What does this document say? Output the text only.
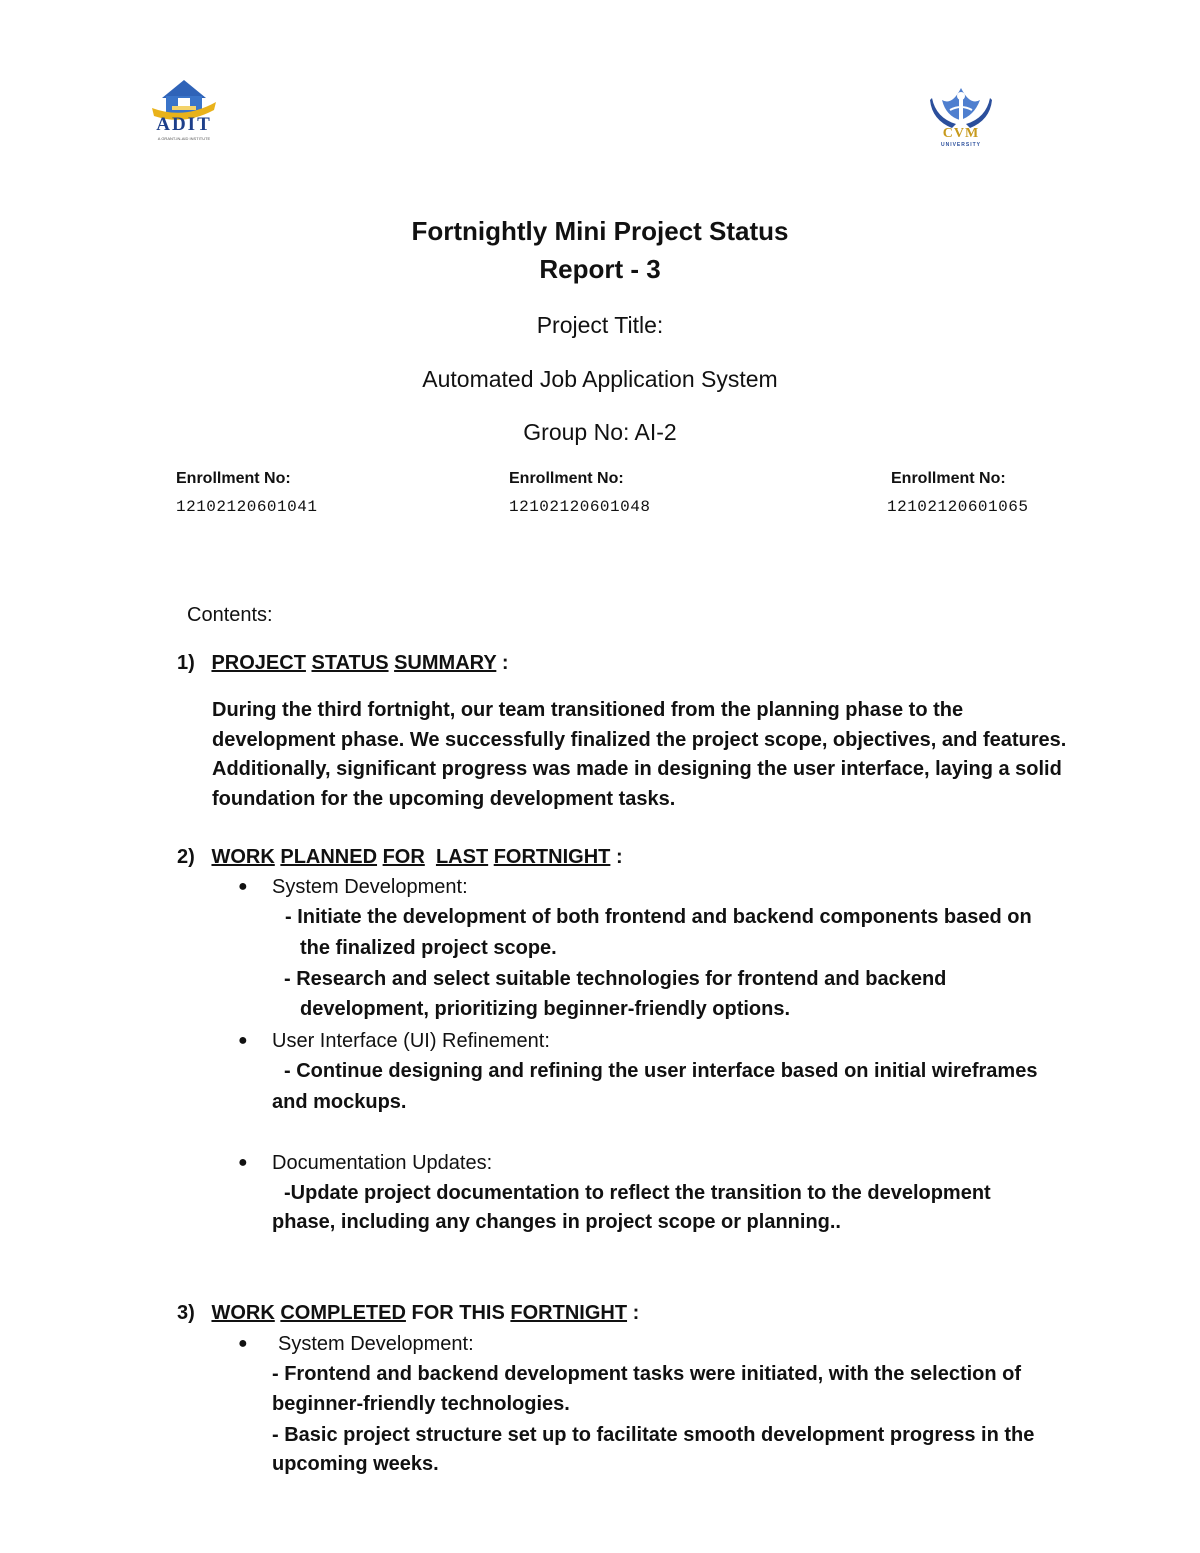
ADIT
A GRANT-IN-AID INSTITUTE	CVM
UNIVERSITY
Fortnightly Mini Project Status
Report - 3
Project Title:
Automated Job Application System
Group No: AI-2
Enrollment No:
12102120601041
Enrollment No:
12102120601048
Enrollment No:
12102120601065
Contents:
1) PROJECT STATUS SUMMARY :
During the third fortnight, our team transitioned from the planning phase to the
development phase. We successfully finalized the project scope, objectives, and features.
Additionally, significant progress was made in designing the user interface, laying a solid
foundation for the upcoming development tasks.
2) WORK PLANNED FOR LAST FORTNIGHT :
● System Development:
- Initiate the development of both frontend and backend components based on
the finalized project scope.
- Research and select suitable technologies for frontend and backend
development, prioritizing beginner-friendly options.
● User Interface (UI) Refinement:
- Continue designing and refining the user interface based on initial wireframes
and mockups.
● Documentation Updates:
-Update project documentation to reflect the transition to the development
phase, including any changes in project scope or planning..
3) WORK COMPLETED FOR THIS FORTNIGHT :
● System Development:
- Frontend and backend development tasks were initiated, with the selection of
beginner-friendly technologies.
- Basic project structure set up to facilitate smooth development progress in the
upcoming weeks.
